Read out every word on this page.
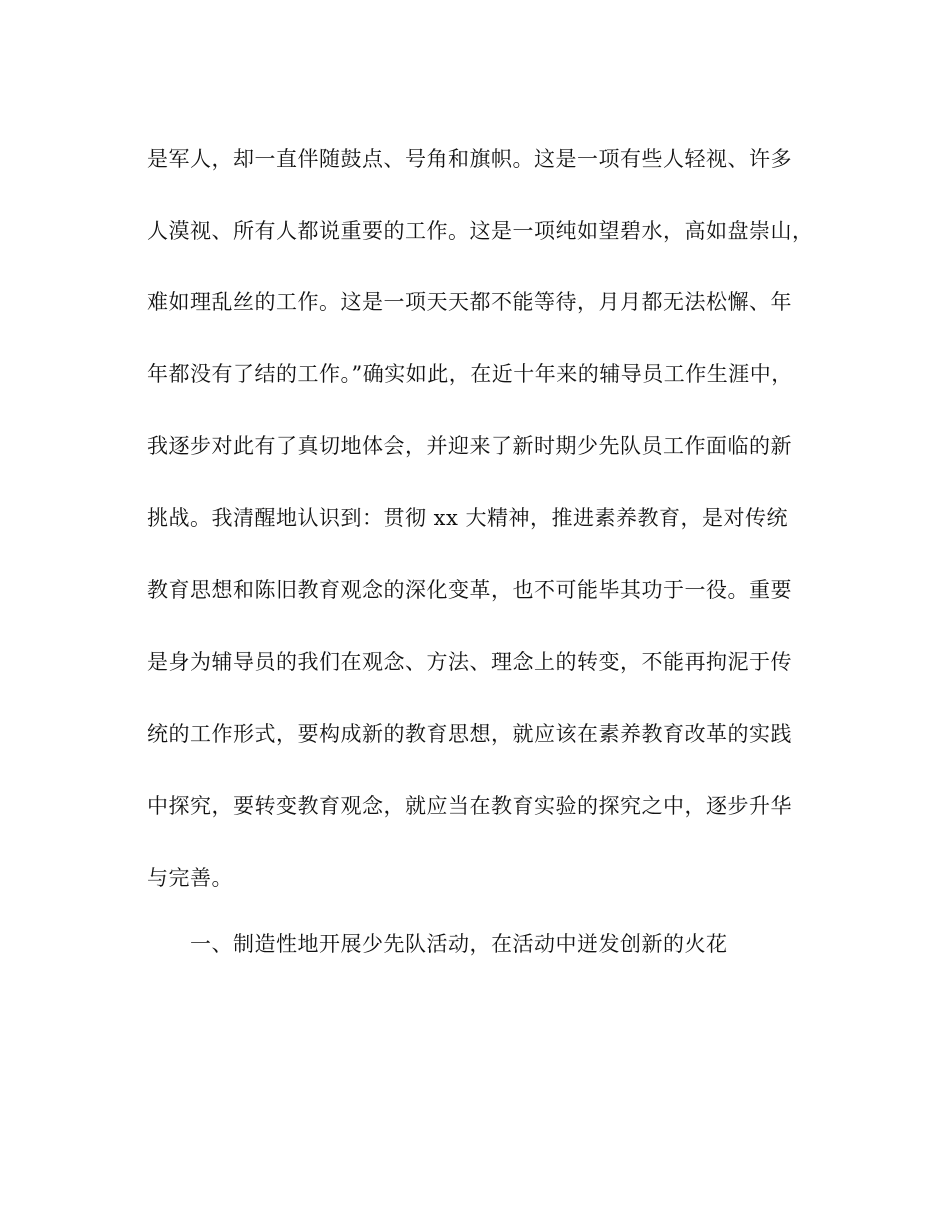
是军人，却一直伴随鼓点、号角和旗帜。这是一项有些人轻视、许多
人漠视、所有人都说重要的工作。这是一项纯如望碧水，高如盘崇山，
难如理乱丝的工作。这是一项天天都不能等待，月月都无法松懈、年
年都没有了结的工作。”确实如此，在近十年来的辅导员工作生涯中，
我逐步对此有了真切地体会，并迎来了新时期少先队员工作面临的新
挑战。我清醒地认识到：贯彻 xx 大精神，推进素养教育，是对传统
教育思想和陈旧教育观念的深化变革，也不可能毕其功于一役。重要
是身为辅导员的我们在观念、方法、理念上的转变，不能再拘泥于传
统的工作形式，要构成新的教育思想，就应该在素养教育改革的实践
中探究，要转变教育观念，就应当在教育实验的探究之中，逐步升华
与完善。
一、制造性地开展少先队活动，在活动中迸发创新的火花
